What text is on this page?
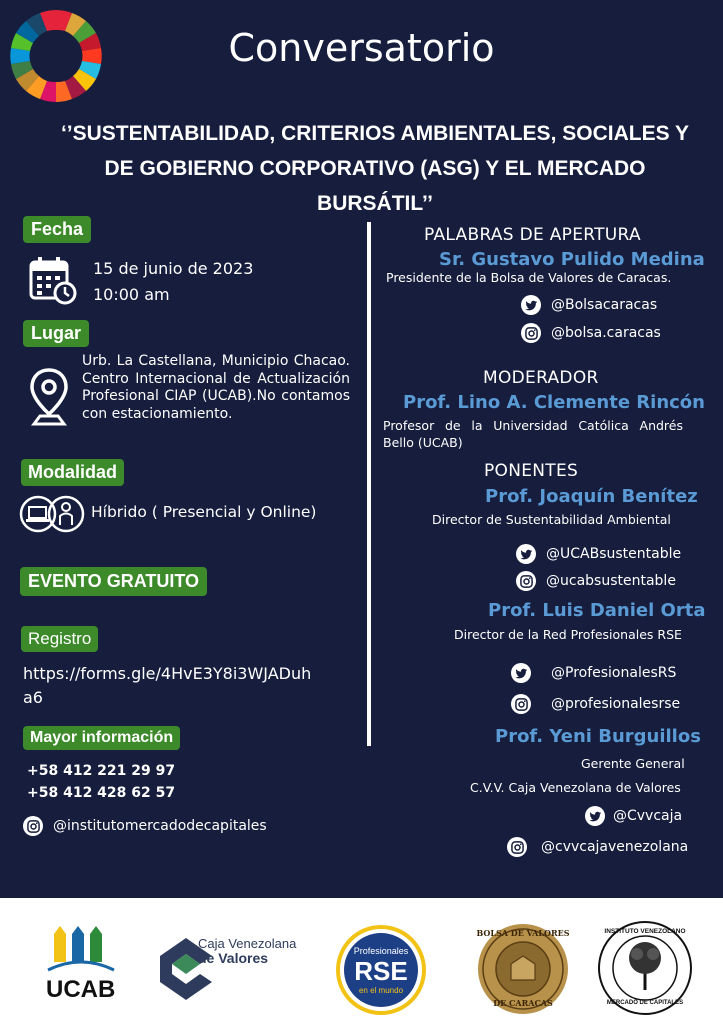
Conversatorio
‘’SUSTENTABILIDAD, CRITERIOS AMBIENTALES, SOCIALES Y
DE GOBIERNO CORPORATIVO (ASG) Y EL MERCADO
BURSÁTIL’’
Fecha
15 de junio de 2023
10:00 am
Lugar
Urb. La Castellana, Municipio Chacao. Centro Internacional de Actualización Profesional CIAP (UCAB).No contamos con estacionamiento.
Modalidad
Híbrido ( Presencial y Online)
EVENTO GRATUITO
Registro
https://forms.gle/4HvE3Y8i3WJADuh
a6
Mayor información
+58 412 221 29 97
+58 412 428 62 57
@institutomercadodecapitales
PALABRAS DE APERTURA
Sr. Gustavo Pulido Medina
Presidente de la Bolsa de Valores de Caracas.
@Bolsacaracas
@bolsa.caracas
MODERADOR
Prof. Lino A. Clemente Rincón
Profesor de la Universidad Católica Andrés Bello (UCAB)
PONENTES
Prof. Joaquín Benítez
Director de Sustentabilidad Ambiental
@UCABsustentable
@ucabsustentable
Prof. Luis Daniel Orta
Director de la Red Profesionales RSE
@ProfesionalesRS
@profesionalesrse
Prof. Yeni Burguillos
Gerente General
C.V.V. Caja Venezolana de Valores
@Cvvcaja
@cvvcajavenezolana
UCAB
Caja Venezolana
de Valores	Profesionales
RSE
en el mundo
BOLSA DE VALORES
DE CARACAS
INSTITUTO VENEZOLANO
MERCADO DE CAPITALES
